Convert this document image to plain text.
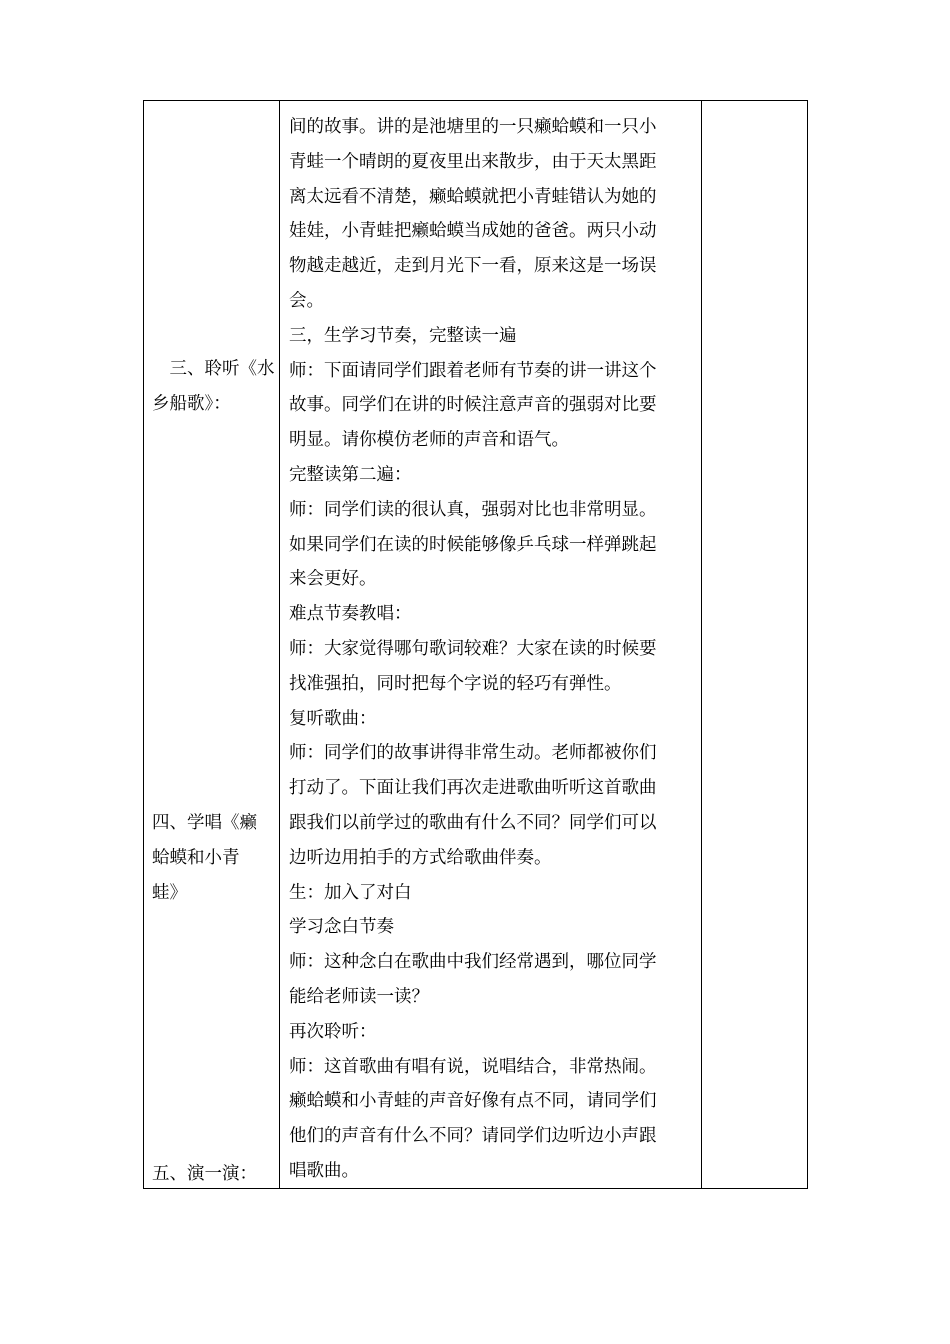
　三、聆听《水

乡船歌》：

四、学唱《癞

蛤蟆和小青

蛙》

五、演一演：

间的故事。讲的是池塘里的一只癞蛤蟆和一只小

青蛙一个晴朗的夏夜里出来散步，由于天太黑距

离太远看不清楚，癞蛤蟆就把小青蛙错认为她的

娃娃，小青蛙把癞蛤蟆当成她的爸爸。两只小动

物越走越近，走到月光下一看，原来这是一场误

会。

三，生学习节奏，完整读一遍

师：下面请同学们跟着老师有节奏的讲一讲这个

故事。同学们在讲的时候注意声音的强弱对比要

明显。请你模仿老师的声音和语气。

完整读第二遍：

师：同学们读的很认真，强弱对比也非常明显。

如果同学们在读的时候能够像乒乓球一样弹跳起

来会更好。

难点节奏教唱：

师：大家觉得哪句歌词较难？大家在读的时候要

找准强拍，同时把每个字说的轻巧有弹性。

复听歌曲：

师：同学们的故事讲得非常生动。老师都被你们

打动了。下面让我们再次走进歌曲听听这首歌曲

跟我们以前学过的歌曲有什么不同？同学们可以

边听边用拍手的方式给歌曲伴奏。

生：加入了对白

学习念白节奏

师：这种念白在歌曲中我们经常遇到，哪位同学

能给老师读一读？

再次聆听：

师：这首歌曲有唱有说，说唱结合，非常热闹。

癞蛤蟆和小青蛙的声音好像有点不同，请同学们

他们的声音有什么不同？请同学们边听边小声跟

唱歌曲。
